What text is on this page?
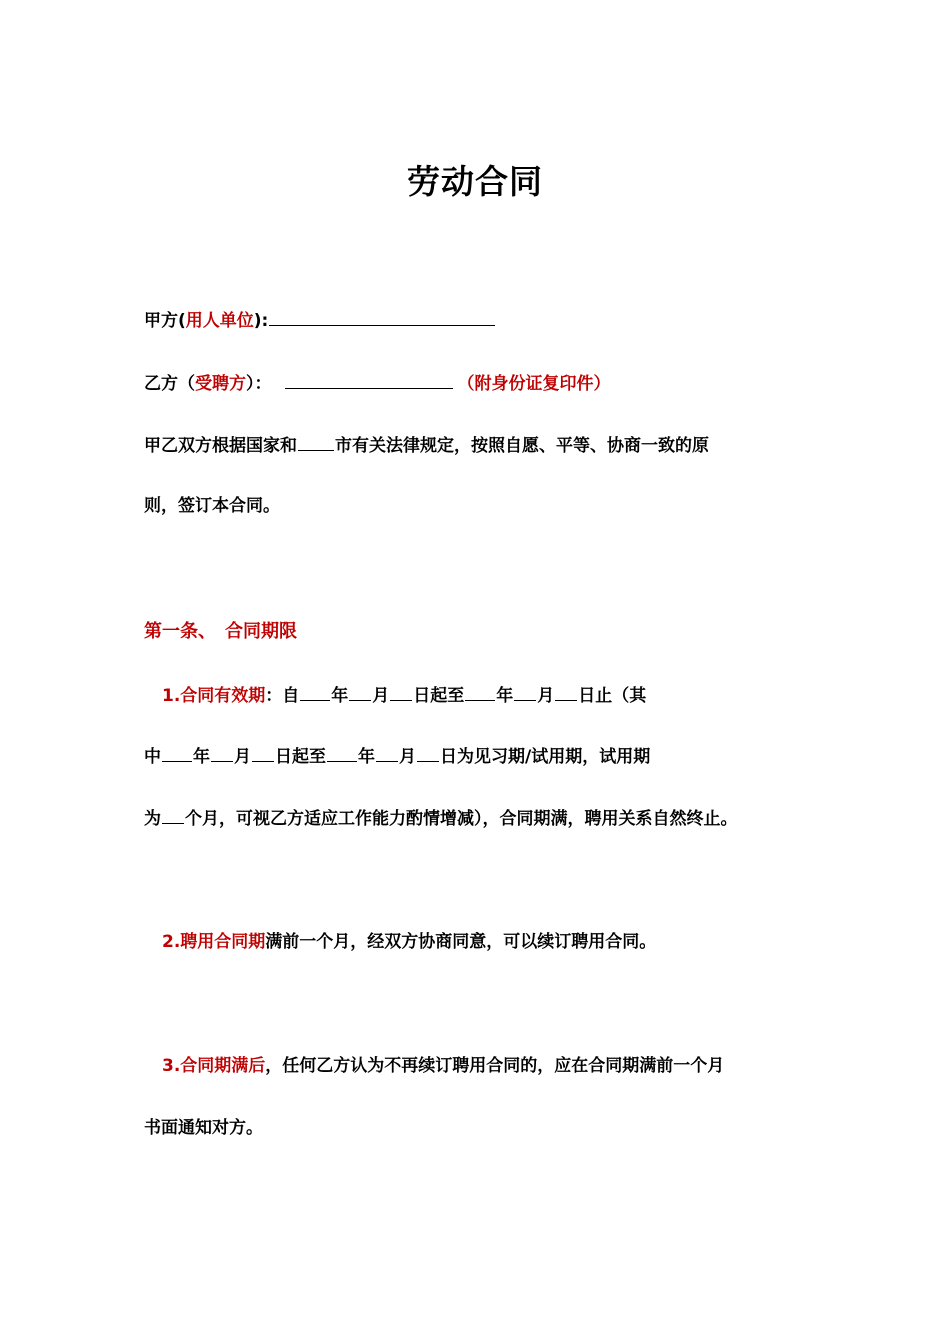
劳动合同
甲方(用人单位):
乙方（受聘方）：	（附身份证复印件）
甲乙双方根据国家和 市有关法律规定，按照自愿、平等、协商一致的原
则，签订本合同。
第一条、　合同期限
1.合同有效期：自 年 月 日起至 年 月 日止（其
中 年 月 日起至 年 月 日为见习期/试用期，试用期
为 个月，可视乙方适应工作能力酌情增减），合同期满，聘用关系自然终止。
2.聘用合同期满前一个月，经双方协商同意，可以续订聘用合同。
3.合同期满后，任何乙方认为不再续订聘用合同的，应在合同期满前一个月
书面通知对方。
